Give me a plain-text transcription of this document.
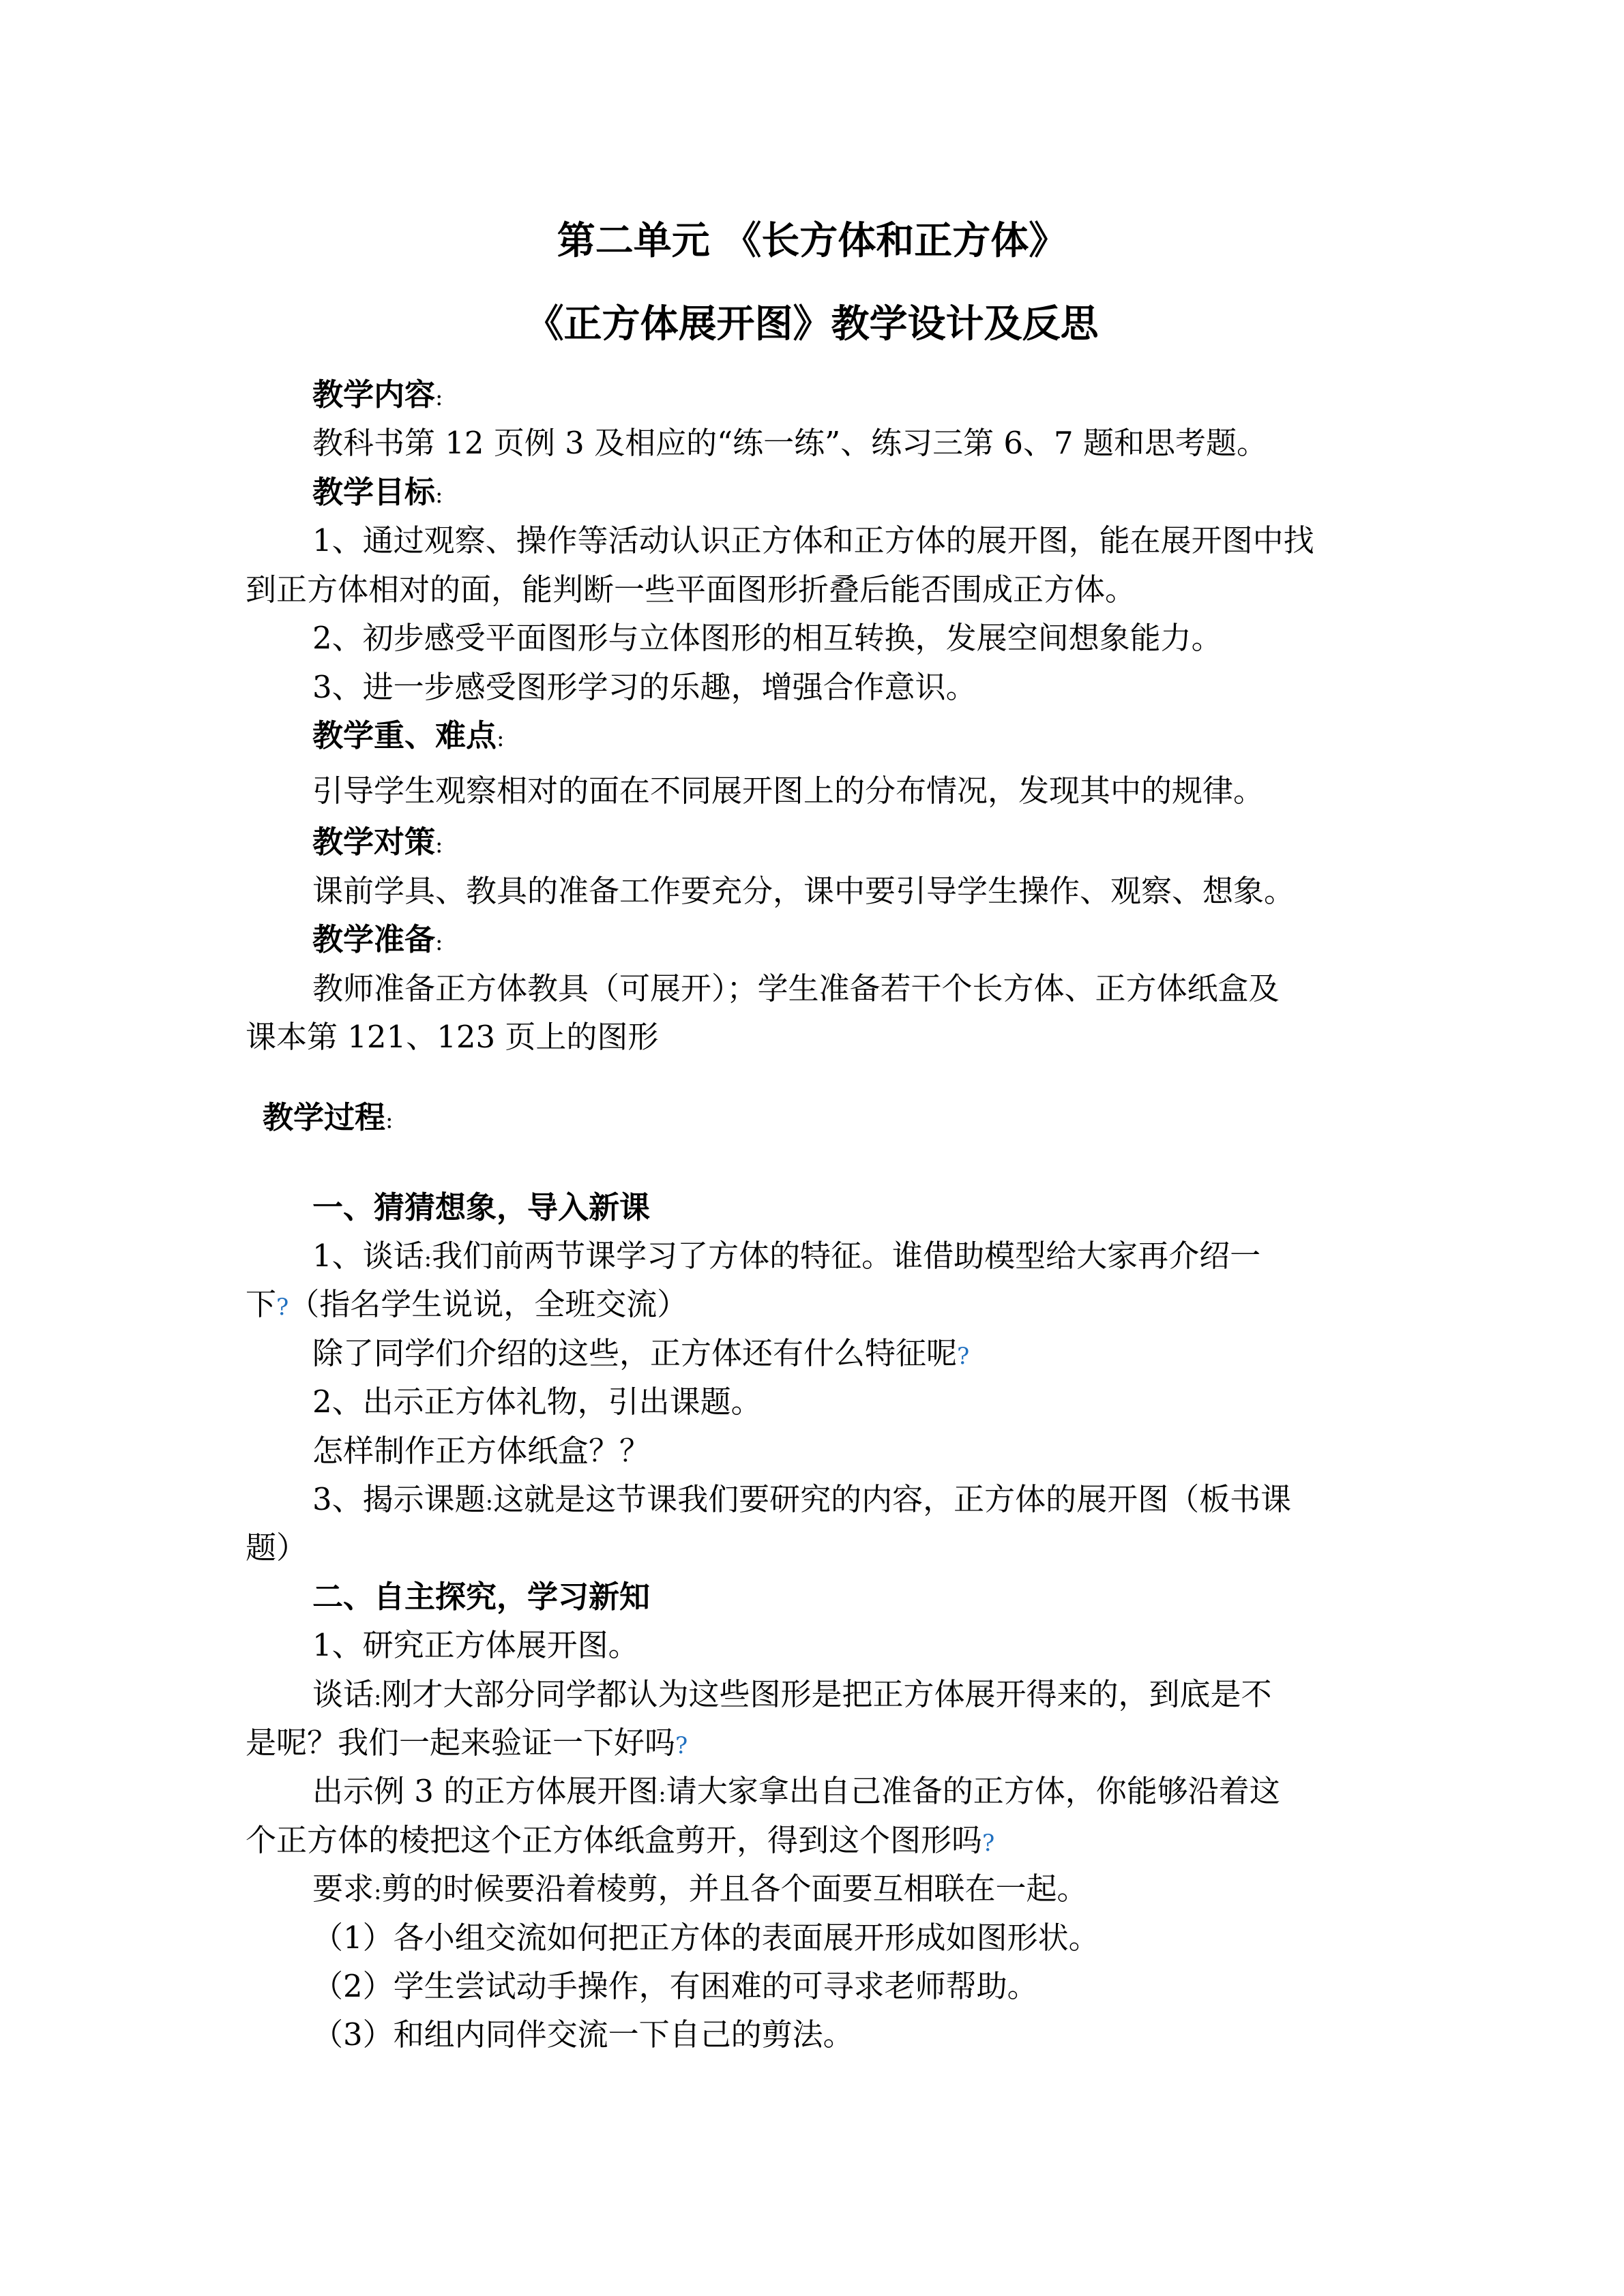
第二单元 《长方体和正方体》
《正方体展开图》教学设计及反思
教学内容:
教科书第 12 页例 3 及相应的“练一练”、练习三第 6、7 题和思考题。
教学目标:
1、通过观察、操作等活动认识正方体和正方体的展开图，能在展开图中找
到正方体相对的面，能判断一些平面图形折叠后能否围成正方体。
2、初步感受平面图形与立体图形的相互转换，发展空间想象能力。
3、进一步感受图形学习的乐趣，增强合作意识。
教学重、难点:
引导学生观察相对的面在不同展开图上的分布情况，发现其中的规律。
教学对策:
课前学具、教具的准备工作要充分，课中要引导学生操作、观察、想象。
教学准备:
教师准备正方体教具（可展开）；学生准备若干个长方体、正方体纸盒及
课本第 121、123 页上的图形
教学过程:
一、猜猜想象，导入新课
1、谈话:我们前两节课学习了方体的特征。谁借助模型给大家再介绍一
下?（指名学生说说，全班交流）
除了同学们介绍的这些，正方体还有什么特征呢?
2、出示正方体礼物，引出课题。
怎样制作正方体纸盒？？
3、揭示课题:这就是这节课我们要研究的内容，正方体的展开图（板书课
题）
二、自主探究，学习新知
1、研究正方体展开图。
谈话:刚才大部分同学都认为这些图形是把正方体展开得来的，到底是不
是呢？我们一起来验证一下好吗?
出示例 3 的正方体展开图:请大家拿出自己准备的正方体，你能够沿着这
个正方体的棱把这个正方体纸盒剪开，得到这个图形吗?
要求:剪的时候要沿着棱剪，并且各个面要互相联在一起。
（1）各小组交流如何把正方体的表面展开形成如图形状。
（2）学生尝试动手操作，有困难的可寻求老师帮助。
（3）和组内同伴交流一下自己的剪法。
